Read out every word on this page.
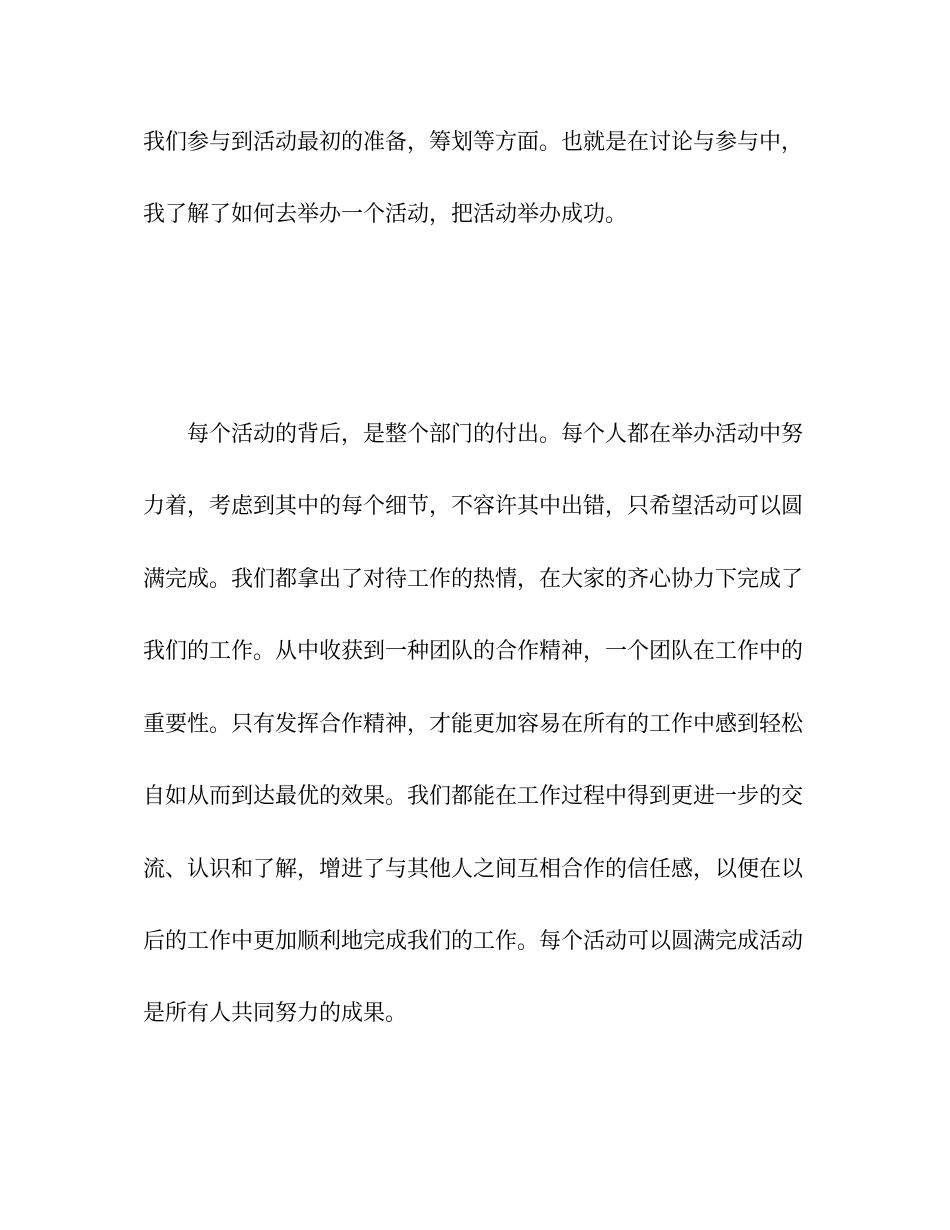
我们参与到活动最初的准备，筹划等方面。也就是在讨论与参与中，
我了解了如何去举办一个活动，把活动举办成功。
每个活动的背后，是整个部门的付出。每个人都在举办活动中努
力着，考虑到其中的每个细节，不容许其中出错，只希望活动可以圆
满完成。我们都拿出了对待工作的热情，在大家的齐心协力下完成了
我们的工作。从中收获到一种团队的合作精神，一个团队在工作中的
重要性。只有发挥合作精神，才能更加容易在所有的工作中感到轻松
自如从而到达最优的效果。我们都能在工作过程中得到更进一步的交
流、认识和了解，增进了与其他人之间互相合作的信任感，以便在以
后的工作中更加顺利地完成我们的工作。每个活动可以圆满完成活动
是所有人共同努力的成果。
